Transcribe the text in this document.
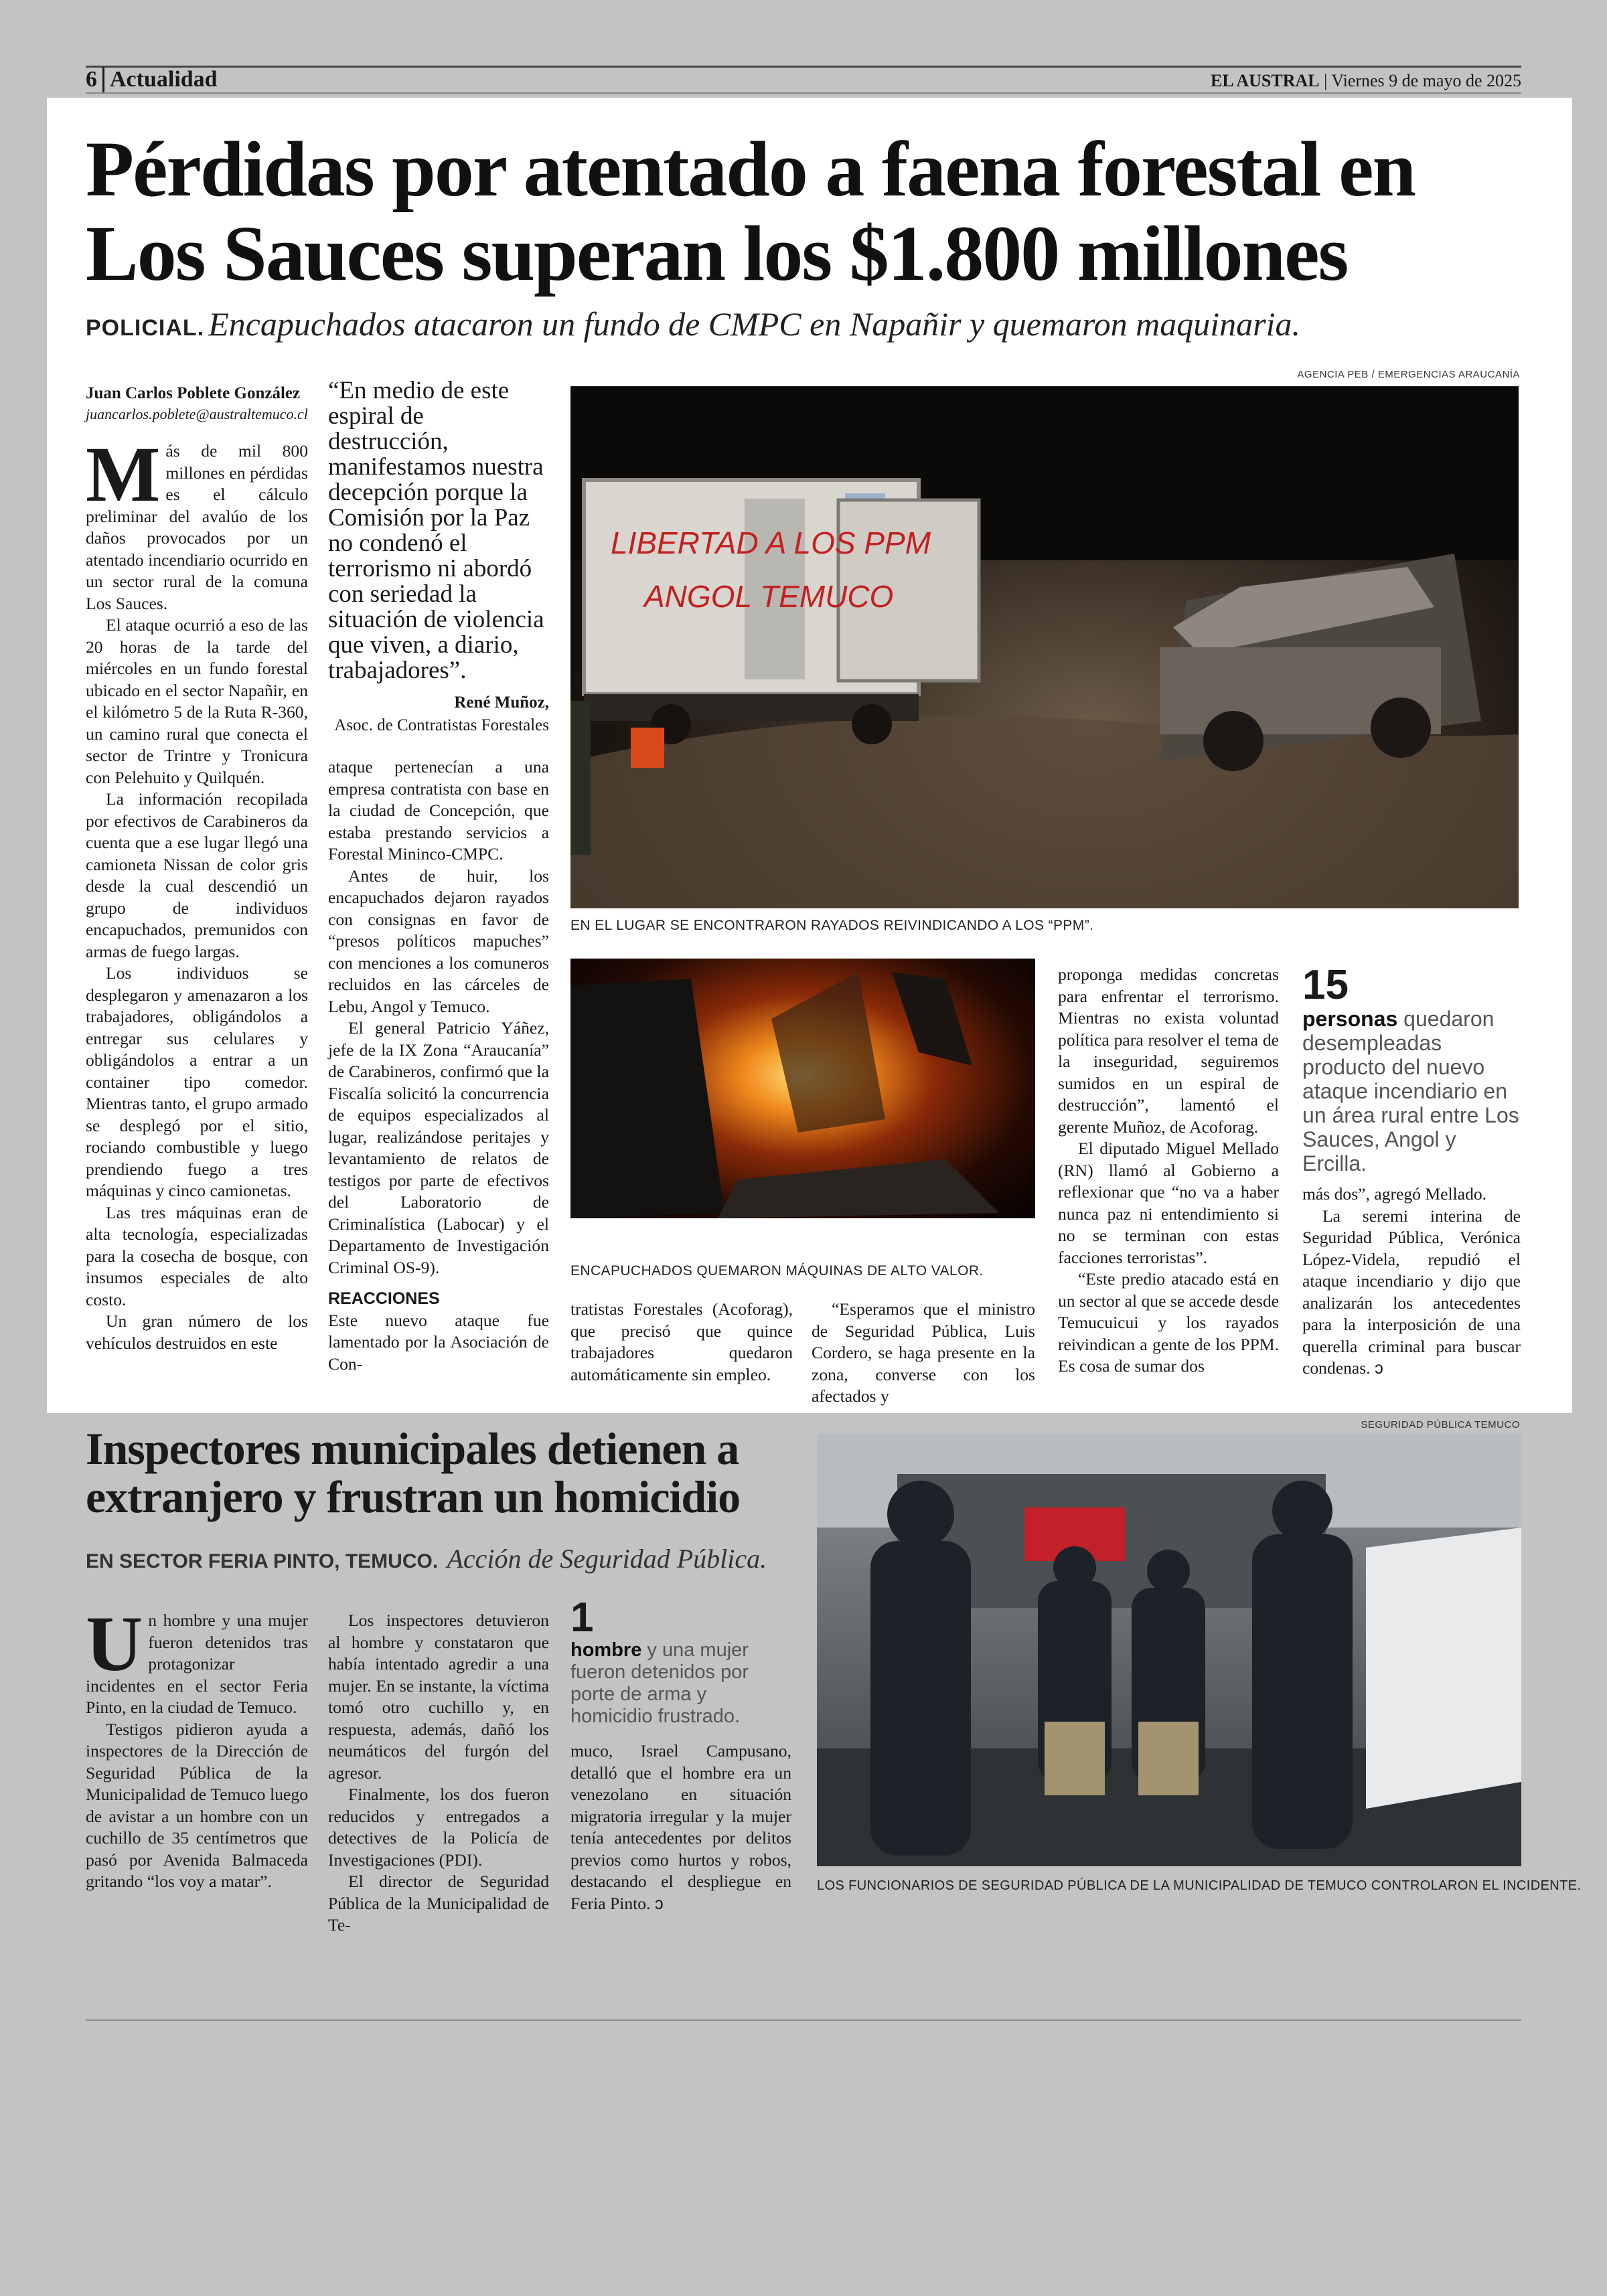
6 Actualidad	EL AUSTRAL | Viernes 9 de mayo de 2025
Pérdidas por atentado a faena forestal en Los Sauces superan los $1.800 millones
POLICIAL. Encapuchados atacaron un fundo de CMPC en Napañir y quemaron maquinaria.
Juan Carlos Poblete González
juancarlos.poblete@australtemuco.cl

Más de mil 800 millones en pérdidas es el cálculo preliminar del avalúo de los daños provocados por un atentado incendiario ocurrido en un sector rural de la comuna Los Sauces.

El ataque ocurrió a eso de las 20 horas de la tarde del miércoles en un fundo forestal ubicado en el sector Napañir, en el kilómetro 5 de la Ruta R-360, un camino rural que conecta el sector de Trintre y Tronicura con Pelehuito y Quilquén.

La información recopilada por efectivos de Carabineros da cuenta que a ese lugar llegó una camioneta Nissan de color gris desde la cual descendió un grupo de individuos encapuchados, premunidos con armas de fuego largas.

Los individuos se desplegaron y amenazaron a los trabajadores, obligándolos a entregar sus celulares y obligándolos a entrar a un container tipo comedor. Mientras tanto, el grupo armado se desplegó por el sitio, rociando combustible y luego prendiendo fuego a tres máquinas y cinco camionetas.

Las tres máquinas eran de alta tecnología, especializadas para la cosecha de bosque, con insumos especiales de alto costo.

Un gran número de los vehículos destruidos en este

“En medio de este espiral de destrucción, manifestamos nuestra decepción porque la Comisión por la Paz no condenó el terrorismo ni abordó con seriedad la situación de violencia que viven, a diario, trabajadores”.
René Muñoz,
Asoc. de Contratistas Forestales
AGENCIA PEB / EMERGENCIAS ARAUCANÍA
LIBERTAD A LOS PPM
ANGOL TEMUCO
EN EL LUGAR SE ENCONTRARON RAYADOS REIVINDICANDO A LOS “PPM”.

ataque pertenecían a una empresa contratista con base en la ciudad de Concepción, que estaba prestando servicios a Forestal Mininco-CMPC.

Antes de huir, los encapuchados dejaron rayados con consignas en favor de “presos políticos mapuches” con menciones a los comuneros recluidos en las cárceles de Lebu, Angol y Temuco.

El general Patricio Yáñez, jefe de la IX Zona “Araucanía” de Carabineros, confirmó que la Fiscalía solicitó la concurrencia de equipos especializados al lugar, realizándose peritajes y levantamiento de relatos de testigos por parte de efectivos del Laboratorio de Criminalística (Labocar) y el Departamento de Investigación Criminal OS-9).

REACCIONES

Este nuevo ataque fue lamentado por la Asociación de Con-

ENCAPUCHADOS QUEMARON MÁQUINAS DE ALTO VALOR.

tratistas Forestales (Acoforag), que precisó que quince trabajadores quedaron automáticamente sin empleo.

“Esperamos que el ministro de Seguridad Pública, Luis Cordero, se haga presente en la zona, converse con los afectados y

proponga medidas concretas para enfrentar el terrorismo. Mientras no exista voluntad política para resolver el tema de la inseguridad, seguiremos sumidos en un espiral de destrucción”, lamentó el gerente Muñoz, de Acoforag.

El diputado Miguel Mellado (RN) llamó al Gobierno a reflexionar que “no va a haber nunca paz ni entendimiento si no se terminan con estas facciones terroristas”.

“Este predio atacado está en un sector al que se accede desde Temucuicui y los rayados reivindican a gente de los PPM. Es cosa de sumar dos

15
personas quedaron desempleadas producto del nuevo ataque incendiario en un área rural entre Los Sauces, Angol y Ercilla.

más dos”, agregó Mellado.

La seremi interina de Seguridad Pública, Verónica López-Videla, repudió el ataque incendiario y dijo que analizarán los antecedentes para la interposición de una querella criminal para buscar condenas. ↄ

Inspectores municipales detienen a extranjero y frustran un homicidio
EN SECTOR FERIA PINTO, TEMUCO. Acción de Seguridad Pública.

Un hombre y una mujer fueron detenidos tras protagonizar incidentes en el sector Feria Pinto, en la ciudad de Temuco.

Testigos pidieron ayuda a inspectores de la Dirección de Seguridad Pública de la Municipalidad de Temuco luego de avistar a un hombre con un cuchillo de 35 centímetros que pasó por Avenida Balmaceda gritando “los voy a matar”.

Los inspectores detuvieron al hombre y constataron que había intentado agredir a una mujer. En se instante, la víctima tomó otro cuchillo y, en respuesta, además, dañó los neumáticos del furgón del agresor.

Finalmente, los dos fueron reducidos y entregados a detectives de la Policía de Investigaciones (PDI).

El director de Seguridad Pública de la Municipalidad de Te-

1
hombre y una mujer fueron detenidos por porte de arma y homicidio frustrado.

muco, Israel Campusano, detalló que el hombre era un venezolano en situación migratoria irregular y la mujer tenía antecedentes por delitos previos como hurtos y robos, destacando el despliegue en Feria Pinto. ↄ

SEGURIDAD PÚBLICA TEMUCO
LOS FUNCIONARIOS DE SEGURIDAD PÚBLICA DE LA MUNICIPALIDAD DE TEMUCO CONTROLARON EL INCIDENTE.
